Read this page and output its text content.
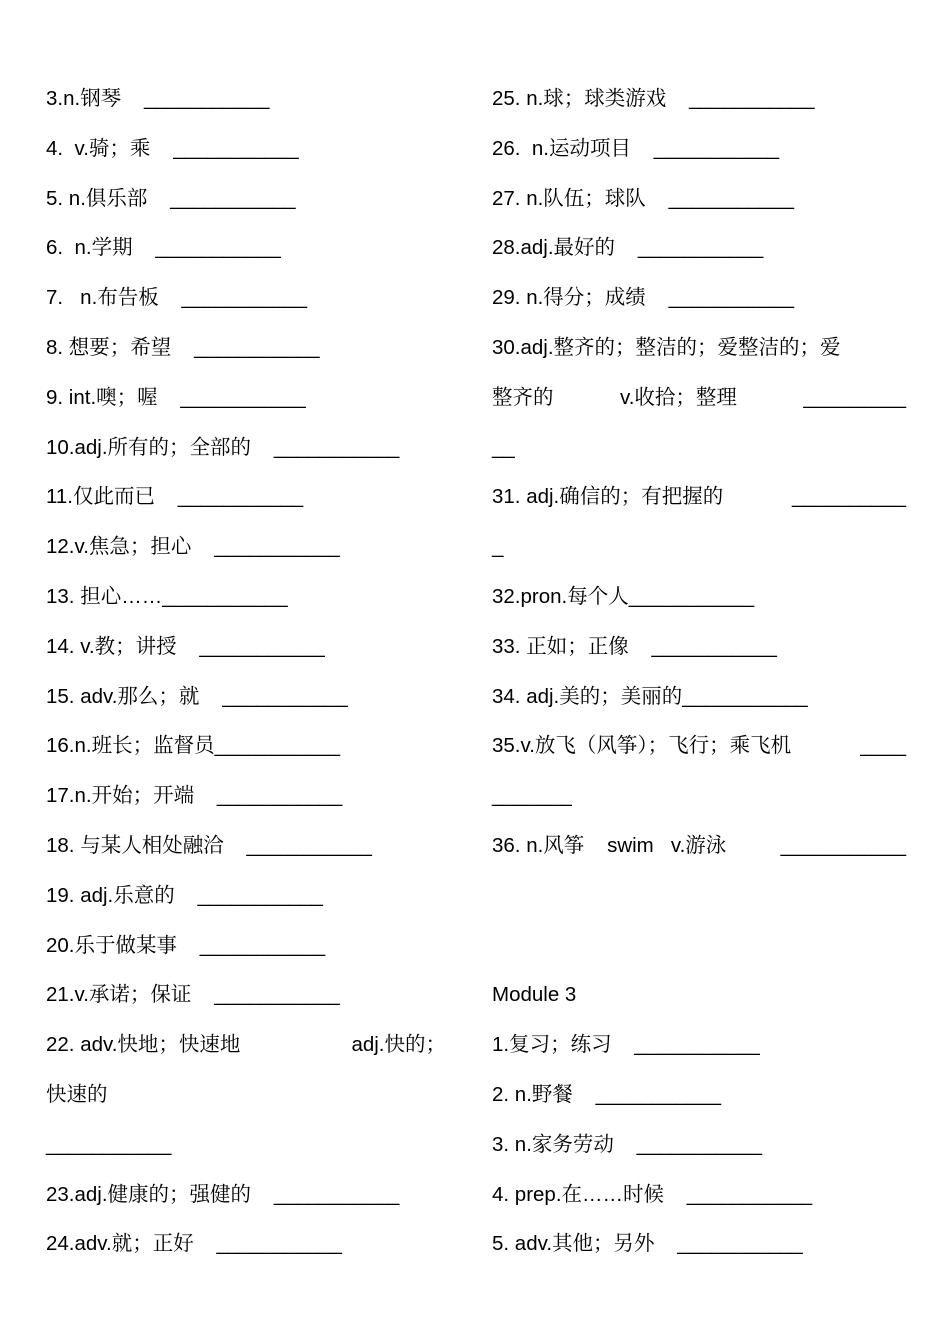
3.n.钢琴    ___________
4.  v.骑；乘    ___________
5. n.俱乐部    ___________
6.  n.学期    ___________
7.   n.布告板    ___________
8. 想要；希望    ___________
9. int.噢；喔    ___________
10.adj.所有的；全部的    ___________
11.仅此而已    ___________
12.v.焦急；担心    ___________
13. 担心……___________
14. v.教；讲授    ___________
15. adv.那么；就    ___________
16.n.班长；监督员___________
17.n.开始；开端    ___________
18. 与某人相处融洽    ___________
19. adj.乐意的    ___________
20.乐于做某事    ___________
21.v.承诺；保证    ___________
22. adv.快地；快速地	adj.快的；
快速的
___________
23.adj.健康的；强健的    ___________
24.adv.就；正好    ___________
25. n.球；球类游戏    ___________
26.  n.运动项目    ___________
27. n.队伍；球队    ___________
28.adj.最好的    ___________
29. n.得分；成绩    ___________
30.adj.整齐的；整洁的；爱整洁的；爱
整齐的	v.收拾；整理	_________
__
31. adj.确信的；有把握的	__________
_
32.pron.每个人___________
33. 正如；正像    ___________
34. adj.美的；美丽的___________
35.v.放飞（风筝）；飞行；乘飞机	____
_______
36. n.风筝    swim   v.游泳	___________
Module 3
1.复习；练习    ___________
2. n.野餐    ___________
3. n.家务劳动    ___________
4. prep.在……时候    ___________
5. adv.其他；另外    ___________
